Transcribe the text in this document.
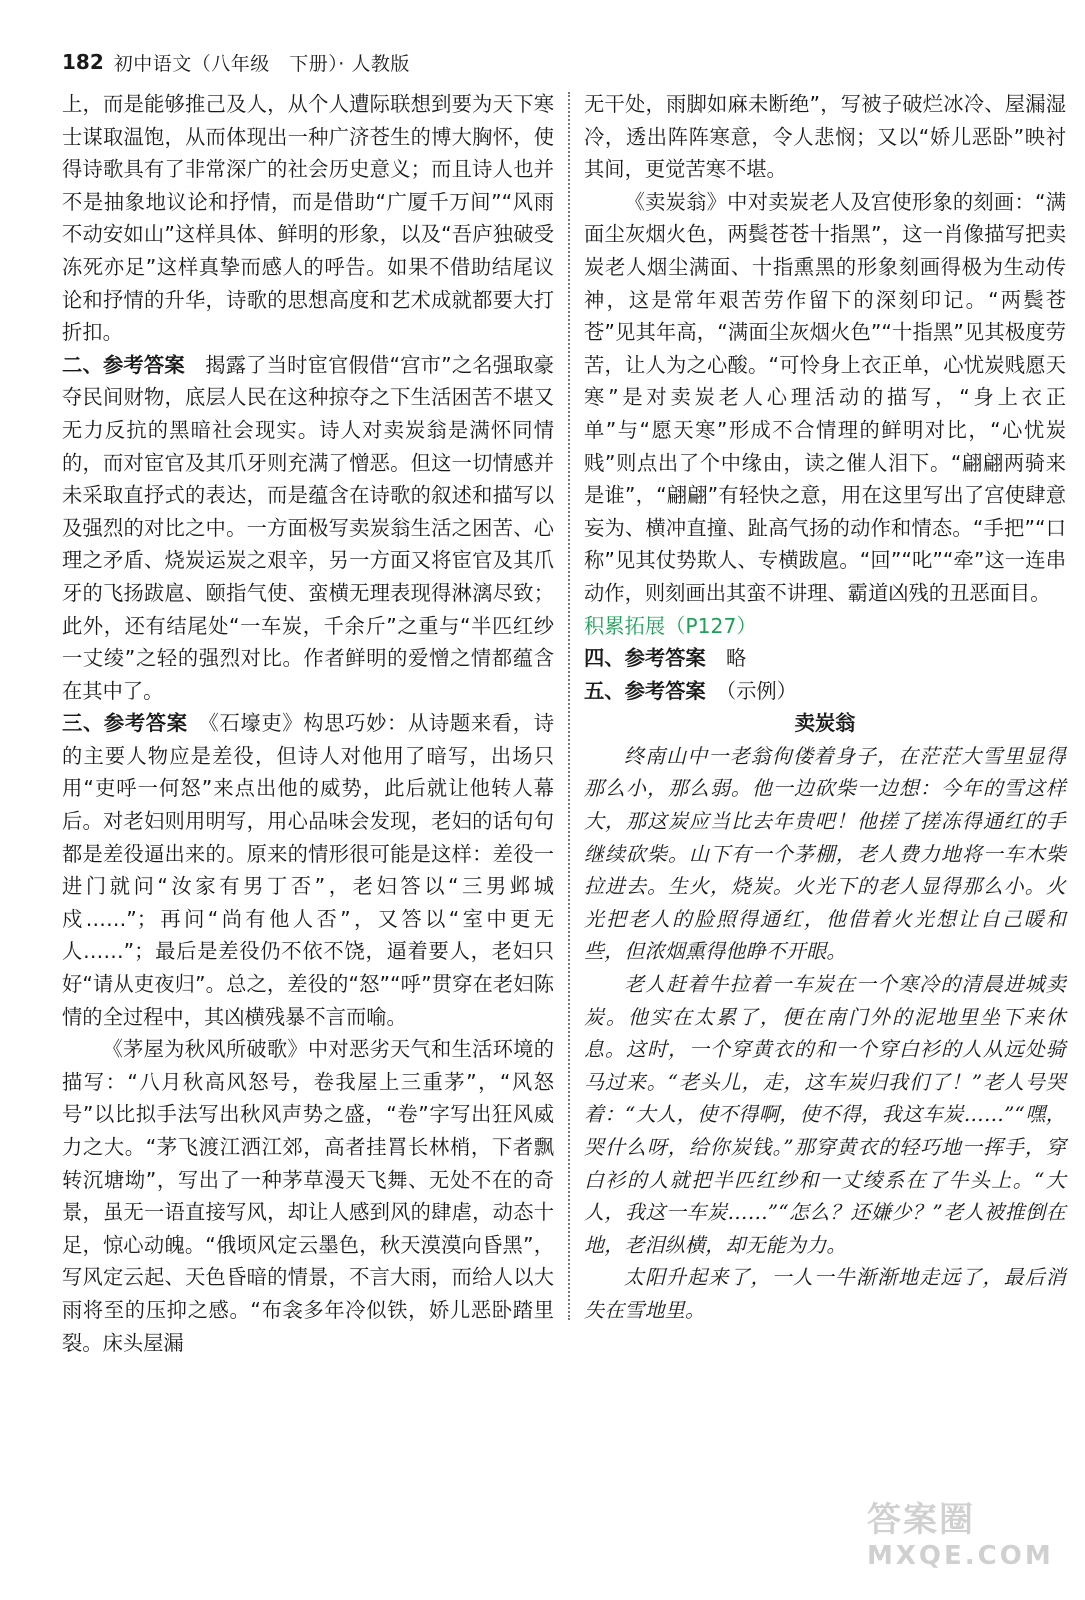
182 初中语文（八年级　下册）· 人教版

上，而是能够推己及人，从个人遭际联想到要为天下寒士谋取温饱，从而体现出一种广济苍生的博大胸怀，使得诗歌具有了非常深广的社会历史意义；而且诗人也并不是抽象地议论和抒情，而是借助“广厦千万间”“风雨不动安如山”这样具体、鲜明的形象，以及“吾庐独破受冻死亦足”这样真挚而感人的呼告。如果不借助结尾议论和抒情的升华，诗歌的思想高度和艺术成就都要大打折扣。

二、参考答案　揭露了当时宦官假借“宫市”之名强取豪夺民间财物，底层人民在这种掠夺之下生活困苦不堪又无力反抗的黑暗社会现实。诗人对卖炭翁是满怀同情的，而对宦官及其爪牙则充满了憎恶。但这一切情感并未采取直抒式的表达，而是蕴含在诗歌的叙述和描写以及强烈的对比之中。一方面极写卖炭翁生活之困苦、心理之矛盾、烧炭运炭之艰辛，另一方面又将宦官及其爪牙的飞扬跋扈、颐指气使、蛮横无理表现得淋漓尽致；此外，还有结尾处“一车炭，千余斤”之重与“半匹红纱一丈绫”之轻的强烈对比。作者鲜明的爱憎之情都蕴含在其中了。

三、参考答案　《石壕吏》构思巧妙：从诗题来看，诗的主要人物应是差役，但诗人对他用了暗写，出场只用“吏呼一何怒”来点出他的威势，此后就让他转人幕后。对老妇则用明写，用心品味会发现，老妇的话句句都是差役逼出来的。原来的情形很可能是这样：差役一进门就问“汝家有男丁否”，老妇答以“三男邺城戍……”；再问“尚有他人否”，又答以“室中更无人……”；最后是差役仍不依不饶，逼着要人，老妇只好“请从吏夜归”。总之，差役的“怒”“呼”贯穿在老妇陈情的全过程中，其凶横残暴不言而喻。

《茅屋为秋风所破歌》中对恶劣天气和生活环境的描写：“八月秋高风怒号，卷我屋上三重茅”，“风怒号”以比拟手法写出秋风声势之盛，“卷”字写出狂风威力之大。“茅飞渡江洒江郊，高者挂罥长林梢，下者飘转沉塘坳”，写出了一种茅草漫天飞舞、无处不在的奇景，虽无一语直接写风，却让人感到风的肆虐，动态十足，惊心动魄。“俄顷风定云墨色，秋天漠漠向昏黑”，写风定云起、天色昏暗的情景，不言大雨，而给人以大雨将至的压抑之感。“布衾多年冷似铁，娇儿恶卧踏里裂。床头屋漏

无干处，雨脚如麻未断绝”，写被子破烂冰冷、屋漏湿冷，透出阵阵寒意，令人悲悯；又以“娇儿恶卧”映衬其间，更觉苦寒不堪。

《卖炭翁》中对卖炭老人及宫使形象的刻画：“满面尘灰烟火色，两鬓苍苍十指黑”，这一肖像描写把卖炭老人烟尘满面、十指熏黑的形象刻画得极为生动传神，这是常年艰苦劳作留下的深刻印记。“两鬓苍苍”见其年高，“满面尘灰烟火色”“十指黑”见其极度劳苦，让人为之心酸。“可怜身上衣正单，心忧炭贱愿天寒”是对卖炭老人心理活动的描写，“身上衣正单”与“愿天寒”形成不合情理的鲜明对比，“心忧炭贱”则点出了个中缘由，读之催人泪下。“翩翩两骑来是谁”，“翩翩”有轻快之意，用在这里写出了宫使肆意妄为、横冲直撞、趾高气扬的动作和情态。“手把”“口称”见其仗势欺人、专横跋扈。“回”“叱”“牵”这一连串动作，则刻画出其蛮不讲理、霸道凶残的丑恶面目。

积累拓展（P127）

四、参考答案　略

五、参考答案　（示例）

卖炭翁

终南山中一老翁佝偻着身子，在茫茫大雪里显得那么小，那么弱。他一边砍柴一边想：今年的雪这样大，那这炭应当比去年贵吧！他搓了搓冻得通红的手继续砍柴。山下有一个茅棚，老人费力地将一车木柴拉进去。生火，烧炭。火光下的老人显得那么小。火光把老人的脸照得通红，他借着火光想让自己暖和些，但浓烟熏得他睁不开眼。

老人赶着牛拉着一车炭在一个寒冷的清晨进城卖炭。他实在太累了，便在南门外的泥地里坐下来休息。这时，一个穿黄衣的和一个穿白衫的人从远处骑马过来。“老头儿，走，这车炭归我们了！”老人号哭着：“大人，使不得啊，使不得，我这车炭……”“嘿，哭什么呀，给你炭钱。”那穿黄衣的轻巧地一挥手，穿白衫的人就把半匹红纱和一丈绫系在了牛头上。“大人，我这一车炭……”“怎么？还嫌少？”老人被推倒在地，老泪纵横，却无能为力。

太阳升起来了，一人一牛渐渐地走远了，最后消失在雪地里。

答案圈
MXQE.COM
